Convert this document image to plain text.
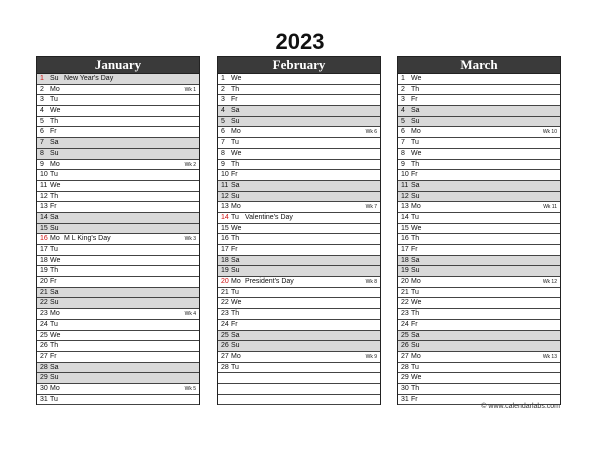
2023
January
1 Su New Year's Day
2 Mo	Wk 1
3 Tu
4 We
5 Th
6 Fr
7 Sa
8 Su
9 Mo	Wk 2
10 Tu
11 We
12 Th
13 Fr
14 Sa
15 Su
16 Mo M L King's Day	Wk 3
17 Tu
18 We
19 Th
20 Fr
21 Sa
22 Su
23 Mo	Wk 4
24 Tu
25 We
26 Th
27 Fr
28 Sa
29 Su
30 Mo	Wk 5
31 Tu
February
1 We
2 Th
3 Fr
4 Sa
5 Su
6 Mo	Wk 6
7 Tu
8 We
9 Th
10 Fr
11 Sa
12 Su
13 Mo	Wk 7
14 Tu Valentine's Day
15 We
16 Th
17 Fr
18 Sa
19 Su
20 Mo President's Day	Wk 8
21 Tu
22 We
23 Th
24 Fr
25 Sa
26 Su
27 Mo	Wk 9
28 Tu
March
1 We
2 Th
3 Fr
4 Sa
5 Su
6 Mo	Wk 10
7 Tu
8 We
9 Th
10 Fr
11 Sa
12 Su
13 Mo	Wk 11
14 Tu
15 We
16 Th
17 Fr
18 Sa
19 Su
20 Mo	Wk 12
21 Tu
22 We
23 Th
24 Fr
25 Sa
26 Su
27 Mo	Wk 13
28 Tu
29 We
30 Th
31 Fr
© www.calendarlabs.com
